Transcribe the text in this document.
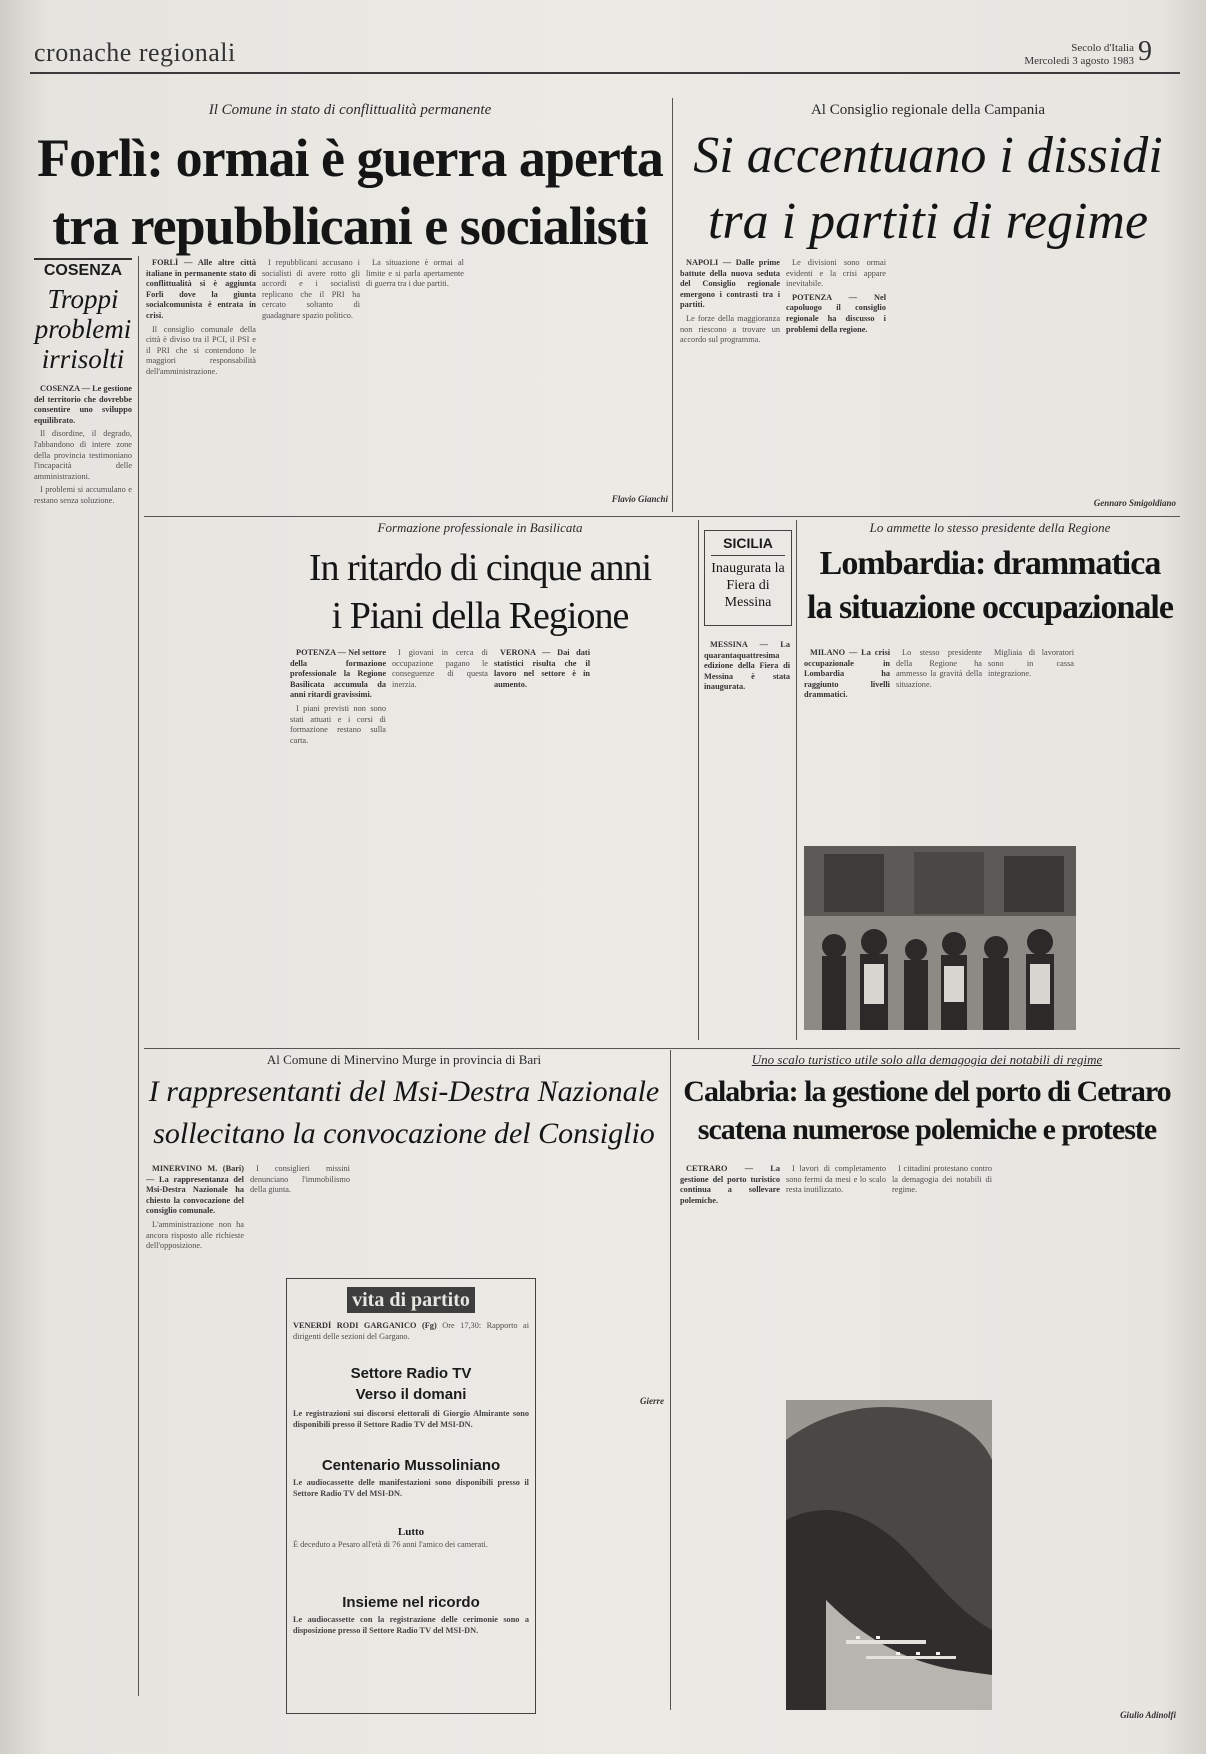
cronache regionali	Secolo d'Italia
Mercoledì 3 agosto 1983 9
Il Comune in stato di conflittualità permanente
Forlì: ormai è guerra aperta
tra repubblicani e socialisti
Al Consiglio regionale della Campania
Si accentuano i dissidi
tra i partiti di regime
COSENZA
Troppi problemi irrisolti

COSENZA — Le gestione del territorio che dovrebbe consentire uno sviluppo equilibrato.

Il disordine, il degrado, l'abbandono di intere zone della provincia testimoniano l'incapacità delle amministrazioni.

I problemi si accumulano e restano senza soluzione.

FORLÌ — Alle altre città italiane in permanente stato di conflittualità si è aggiunta Forlì dove la giunta socialcomunista è entrata in crisi.

Il consiglio comunale della città è diviso tra il PCI, il PSI e il PRI che si contendono le maggiori responsabilità dell'amministrazione.

I repubblicani accusano i socialisti di avere rotto gli accordi e i socialisti replicano che il PRI ha cercato soltanto di guadagnare spazio politico.

La situazione è ormai al limite e si parla apertamente di guerra tra i due partiti.

Flavio Gianchi

NAPOLI — Dalle prime battute della nuova seduta del Consiglio regionale emergono i contrasti tra i partiti.

Le forze della maggioranza non riescono a trovare un accordo sul programma.

Le divisioni sono ormai evidenti e la crisi appare inevitabile.

POTENZA — Nel capoluogo il consiglio regionale ha discusso i problemi della regione.

Gennaro Smigoldiano
Formazione professionale in Basilicata
In ritardo di cinque anni
i Piani della Regione

POTENZA — Nel settore della formazione professionale la Regione Basilicata accumula da anni ritardi gravissimi.

I piani previsti non sono stati attuati e i corsi di formazione restano sulla carta.

I giovani in cerca di occupazione pagano le conseguenze di questa inerzia.

VERONA — Dai dati statistici risulta che il lavoro nel settore è in aumento.

SICILIA
Inaugurata la Fiera di Messina

MESSINA — La quarantaquattresima edizione della Fiera di Messina è stata inaugurata.

Lo ammette lo stesso presidente della Regione
Lombardia: drammatica
la situazione occupazionale

MILANO — La crisi occupazionale in Lombardia ha raggiunto livelli drammatici.

Lo stesso presidente della Regione ha ammesso la gravità della situazione.

Migliaia di lavoratori sono in cassa integrazione.

Al Comune di Minervino Murge in provincia di Bari
I rappresentanti del Msi-Destra Nazionale
sollecitano la convocazione del Consiglio

MINERVINO M. (Bari) — La rappresentanza del Msi-Destra Nazionale ha chiesto la convocazione del consiglio comunale.

L'amministrazione non ha ancora risposto alle richieste dell'opposizione.

I consiglieri missini denunciano l'immobilismo della giunta.

Gierre
vita di partito

VENERDÌ RODI GARGANICO (Fg) Ore 17,30: Rapporto ai dirigenti delle sezioni del Gargano.

Settore Radio TV
Verso il domani
Le registrazioni sui discorsi elettorali di Giorgio Almirante sono disponibili presso il Settore Radio TV del MSI-DN.
Centenario Mussoliniano
Le audiocassette delle manifestazioni sono disponibili presso il Settore Radio TV del MSI-DN.
Lutto
È deceduto a Pesaro all'età di 76 anni l'amico dei camerati.
Insieme nel ricordo
Le audiocassette con la registrazione delle cerimonie sono a disposizione presso il Settore Radio TV del MSI-DN.
Uno scalo turistico utile solo alla demagogia dei notabili di regime
Calabria: la gestione del porto di Cetraro
scatena numerose polemiche e proteste

CETRARO — La gestione del porto turistico continua a sollevare polemiche.

I lavori di completamento sono fermi da mesi e lo scalo resta inutilizzato.

I cittadini protestano contro la demagogia dei notabili di regime.

Giulio Adinolfi
